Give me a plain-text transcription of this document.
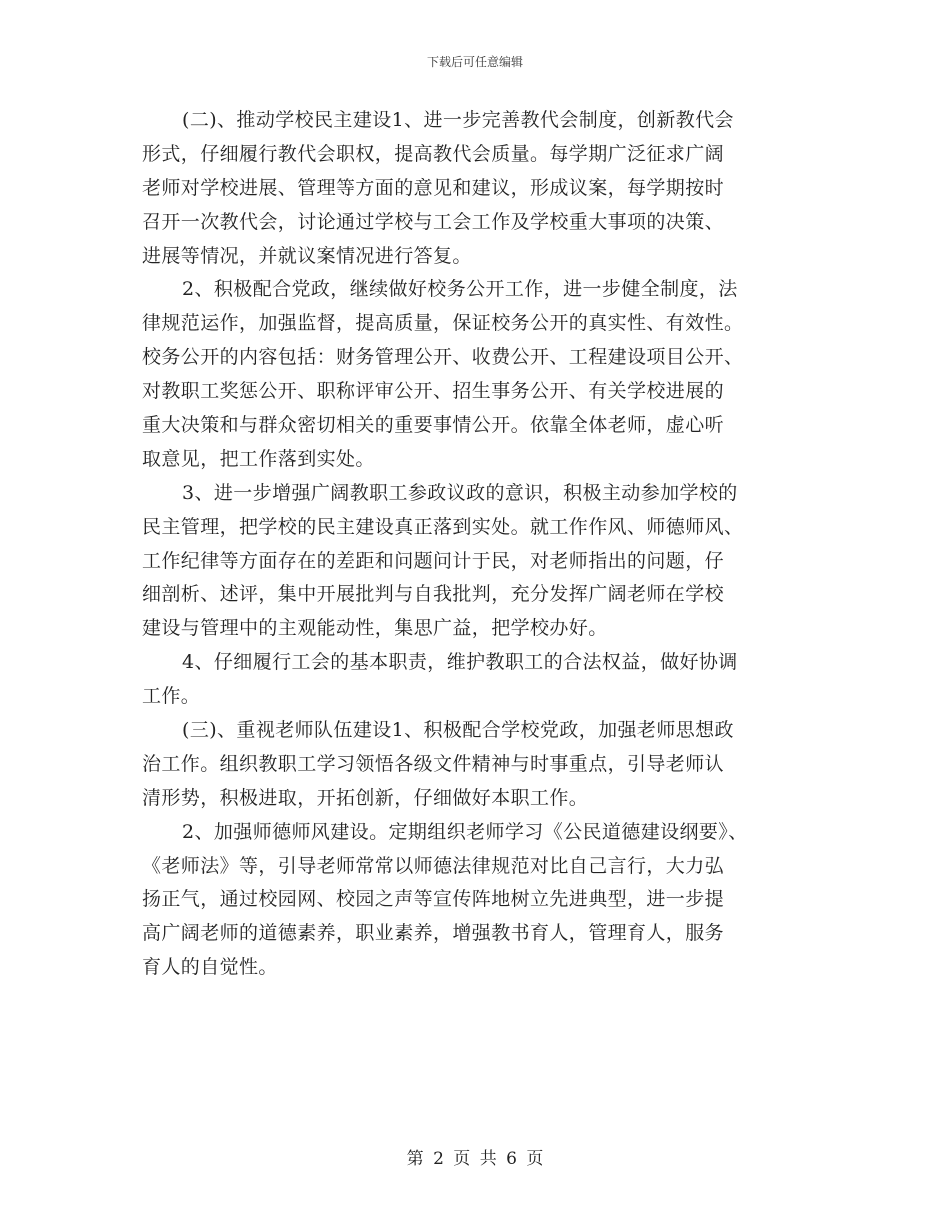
下载后可任意编辑
(二)、推动学校民主建设1、进一步完善教代会制度，创新教代会
形式，仔细履行教代会职权，提高教代会质量。每学期广泛征求广阔
老师对学校进展、管理等方面的意见和建议，形成议案，每学期按时
召开一次教代会，讨论通过学校与工会工作及学校重大事项的决策、
进展等情况，并就议案情况进行答复。
2、积极配合党政，继续做好校务公开工作，进一步健全制度，法
律规范运作，加强监督，提高质量，保证校务公开的真实性、有效性。
校务公开的内容包括：财务管理公开、收费公开、工程建设项目公开、
对教职工奖惩公开、职称评审公开、招生事务公开、有关学校进展的
重大决策和与群众密切相关的重要事情公开。依靠全体老师，虚心听
取意见，把工作落到实处。
3、进一步增强广阔教职工参政议政的意识，积极主动参加学校的
民主管理，把学校的民主建设真正落到实处。就工作作风、师德师风、
工作纪律等方面存在的差距和问题问计于民，对老师指出的问题，仔
细剖析、述评，集中开展批判与自我批判，充分发挥广阔老师在学校
建设与管理中的主观能动性，集思广益，把学校办好。
4、仔细履行工会的基本职责，维护教职工的合法权益，做好协调
工作。
(三)、重视老师队伍建设1、积极配合学校党政，加强老师思想政
治工作。组织教职工学习领悟各级文件精神与时事重点，引导老师认
清形势，积极进取，开拓创新，仔细做好本职工作。
2、加强师德师风建设。定期组织老师学习《公民道德建设纲要》、
《老师法》等，引导老师常常以师德法律规范对比自己言行，大力弘
扬正气，通过校园网、校园之声等宣传阵地树立先进典型，进一步提
高广阔老师的道德素养，职业素养，增强教书育人，管理育人，服务
育人的自觉性。
第 2 页 共 6 页
